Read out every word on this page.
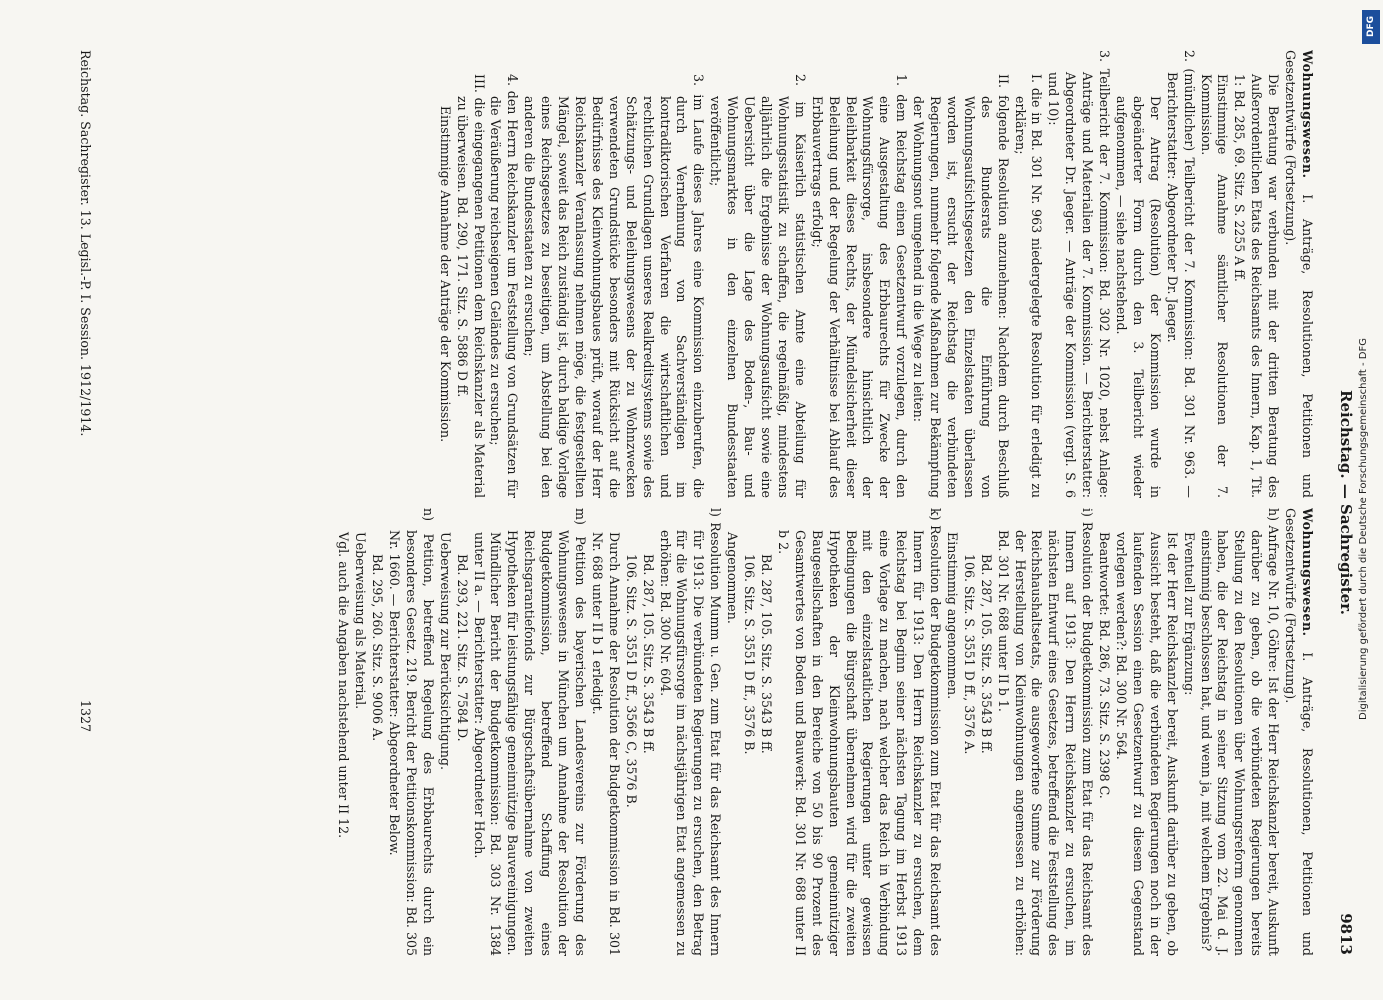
Reichstag. — Sachregister.
9813

Wohnungswesen. I. Anträge, Resolutionen, Petitionen und Gesetzentwürfe (Fortsetzung).

Die Beratung war verbunden mit der dritten Beratung des Außerordentlichen Etats des Reichsamts des Innern, Kap. 1, Tit. 1: Bd. 285, 69. Sitz. S. 2255 A ff.

Einstimmige Annahme sämtlicher Resolutionen der 7. Kommission.

2. (mündlicher) Teilbericht der 7. Kommission: Bd. 301 Nr. 963. — Berichterstatter: Abgeordneter Dr. Jaeger.

Der Antrag (Resolution) der Kommission wurde in abgeänderter Form durch den 3. Teilbericht wieder aufgenommen, — siehe nachstehend.

3. Teilbericht der 7. Kommission: Bd. 302 Nr. 1020, nebst Anlage: Anträge und Materialien der 7. Kommission. — Berichterstatter: Abgeordneter Dr. Jaeger. — Anträge der Kommission (vergl. S. 6 und 10):

I. die in Bd. 301 Nr. 963 niedergelegte Resolution für erledigt zu erklären;

II. folgende Resolution anzunehmen: Nachdem durch Beschluß des Bundesrats die Einführung von Wohnungsaufsichtsgesetzen den Einzelstaaten überlassen worden ist, ersucht der Reichstag die verbündeten Regierungen, nunmehr folgende Maßnahmen zur Bekämpfung der Wohnungsnot umgehend in die Wege zu leiten:

1. dem Reichstag einen Gesetzentwurf vorzulegen, durch den eine Ausgestaltung des Erbbaurechts für Zwecke der Wohnungsfürsorge, insbesondere hinsichtlich der Beleihbarkeit dieses Rechts, der Mündelsicherheit dieser Beleihung und der Regelung der Verhältnisse bei Ablauf des Erbbauvertrags erfolgt;

2. im Kaiserlich statistischen Amte eine Abteilung für Wohnungsstatistik zu schaffen, die regelmäßig, mindestens alljährlich die Ergebnisse der Wohnungsaufsicht sowie eine Uebersicht über die Lage des Boden-, Bau- und Wohnungsmarktes in den einzelnen Bundesstaaten veröffentlicht;

3. im Laufe dieses Jahres eine Kommission einzuberufen, die durch Vernehmung von Sachverständigen im kontradiktorischen Verfahren die wirtschaftlichen und rechtlichen Grundlagen unseres Realkreditsystems sowie des Schätzungs- und Beleihungswesens der zu Wohnzwecken verwendeten Grundstücke besonders mit Rücksicht auf die Bedürfnisse des Kleinwohnungsbaues prüft, worauf der Herr Reichskanzler Veranlassung nehmen möge, die festgestellten Mängel, soweit das Reich zuständig ist, durch baldige Vorlage eines Reichsgesetzes zu beseitigen, um Abstellung bei den anderen die Bundesstaaten zu ersuchen;

4. den Herrn Reichskanzler um Feststellung von Grundsätzen für die Veräußerung reichseigenen Geländes zu ersuchen;

III. die eingegangenen Petitionen dem Reichskanzler als Material zu überweisen. Bd. 290, 171. Sitz. S. 5886 D ff.

Einstimmige Annahme der Anträge der Kommission.

Wohnungswesen. I. Anträge, Resolutionen, Petitionen und Gesetzentwürfe (Fortsetzung).

h) Anfrage Nr. 10, Göhre: Ist der Herr Reichskanzler bereit, Auskunft darüber zu geben, ob die verbündeten Regierungen bereits Stellung zu den Resolutionen über Wohnungsreform genommen haben, die der Reichstag in seiner Sitzung vom 22. Mai d. J. einstimmig beschlossen hat, und wenn ja, mit welchem Ergebnis?

Eventuell zur Ergänzung:

Ist der Herr Reichskanzler bereit, Auskunft darüber zu geben, ob Aussicht besteht, daß die verbündeten Regierungen noch in der laufenden Session einen Gesetzentwurf zu diesem Gegenstand vorlegen werden?: Bd. 300 Nr. 564.

Beantwortet: Bd. 286, 73. Sitz. S. 2398 C.

i) Resolution der Budgetkommission zum Etat für das Reichsamt des Innern auf 1913: Den Herrn Reichskanzler zu ersuchen, im nächsten Entwurf eines Gesetzes, betreffend die Feststellung des Reichshaushaltsetats, die ausgeworfene Summe zur Förderung der Herstellung von Kleinwohnungen angemessen zu erhöhen: Bd. 301 Nr. 688 unter II b 1.

Bd. 287, 105. Sitz. S. 3543 B ff.

106. Sitz. S. 3551 D ff., 3576 A.

Einstimmig angenommen.

k) Resolution der Budgetkommission zum Etat für das Reichsamt des Innern für 1913: Den Herrn Reichskanzler zu ersuchen, dem Reichstag bei Beginn seiner nächsten Tagung im Herbst 1913 eine Vorlage zu machen, nach welcher das Reich in Verbindung mit den einzelstaatlichen Regierungen unter gewissen Bedingungen die Bürgschaft übernehmen wird für die zweiten Hypotheken der Kleinwohnungsbauten gemeinnütziger Baugesellschaften in den Bereiche von 50 bis 90 Prozent des Gesamtwertes von Boden und Bauwerk: Bd. 301 Nr. 688 unter II b 2.

Bd. 287, 105. Sitz. S. 3543 B ff.

106. Sitz. S. 3551 D ff., 3576 B.

Angenommen.

l) Resolution Mumm u. Gen. zum Etat für das Reichsamt des Innern für 1913: Die verbündeten Regierungen zu ersuchen, den Betrag für die Wohnungsfürsorge im nächstjährigen Etat angemessen zu erhöhen: Bd. 300 Nr. 604.

Bd. 287, 105. Sitz. S. 3543 B ff.

106. Sitz. S. 3551 D ff., 3566 C, 3576 B.

Durch Annahme der Resolution der Budgetkommission in Bd. 301 Nr. 688 unter II b 1 erledigt.

m) Petition des bayerischen Landesvereins zur Förderung des Wohnungswesens in München um Annahme der Resolution der Budgetkommission, betreffend Schaffung eines Reichsgarantiefonds zur Bürgschaftsübernahme von zweiten Hypotheken für leistungsfähige gemeinnützige Bauvereinigungen.

Mündlicher Bericht der Budgetkommission: Bd. 303 Nr. 1384 unter II a. — Berichterstatter: Abgeordneter Hoch.

Bd. 293, 221. Sitz. S. 7584 D.

Ueberweisung zur Berücksichtigung.

n) Petition, betreffend Regelung des Erbbaurechts durch ein besonderes Gesetz. 219. Bericht der Petitionskommission: Bd. 305 Nr. 1660. — Berichterstatter: Abgeordneter Below.

Bd. 295, 260. Sitz. S. 9006 A.

Ueberweisung als Material.

Vgl. auch die Angaben nachstehend unter II 12.

Reichstag. Sachregister. 13. Legisl.-P. I. Session. 1912/1914.
1327	Digitalisierung gefördert durch die Deutsche Forschungsgemeinschaft - DFG
DFG
